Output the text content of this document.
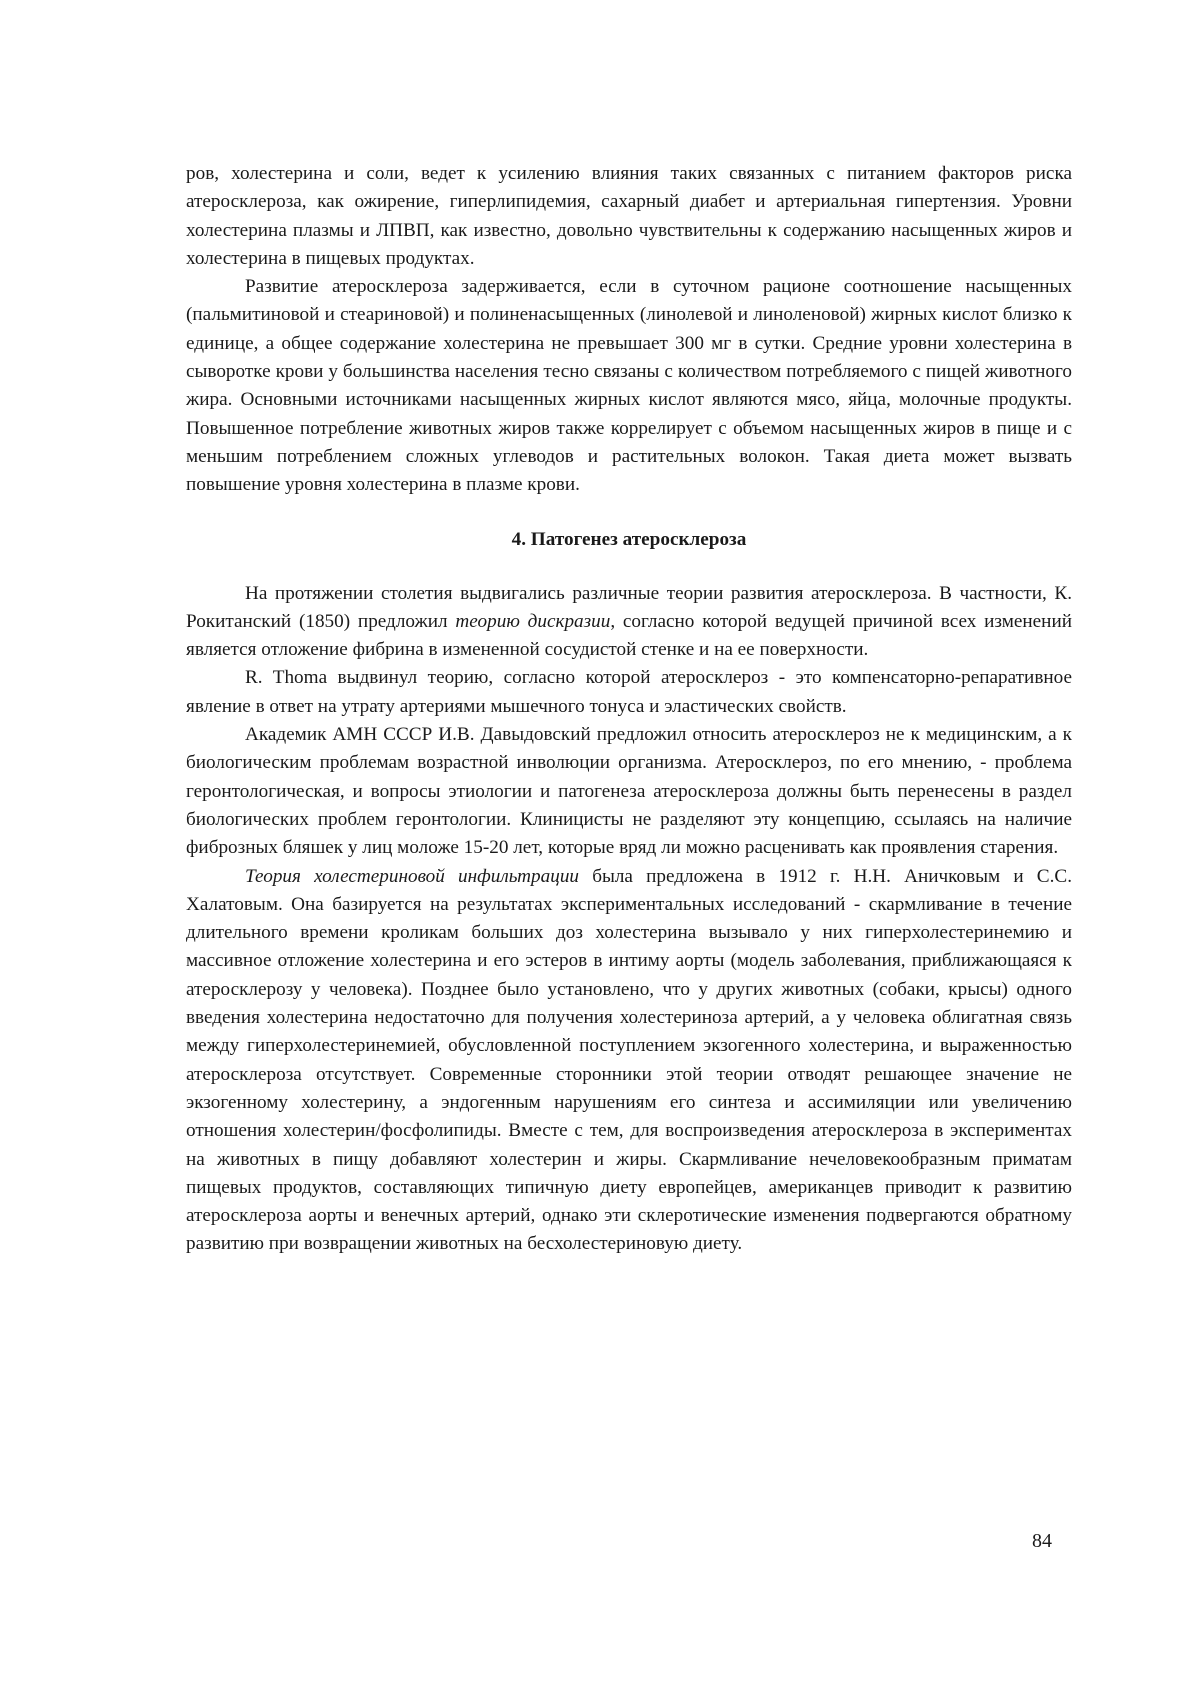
ров, холестерина и соли, ведет к усилению влияния таких связанных с питанием факторов риска атеросклероза, как ожирение, гиперлипидемия, сахарный диабет и артериальная гипертензия. Уровни холестерина плазмы и ЛПВП, как известно, довольно чувствительны к содержанию насыщенных жиров и холестерина в пищевых продуктах.

Развитие атеросклероза задерживается, если в суточном рационе соотношение насыщенных (пальмитиновой и стеариновой) и полиненасыщенных (линолевой и линоленовой) жирных кислот близко к единице, а общее содержание холестерина не превышает 300 мг в сутки. Средние уровни холестерина в сыворотке крови у большинства населения тесно связаны с количеством потребляемого с пищей животного жира. Основными источниками насыщенных жирных кислот являются мясо, яйца, молочные продукты. Повышенное потребление животных жиров также коррелирует с объемом насыщенных жиров в пище и с меньшим потреблением сложных углеводов и растительных волокон. Такая диета может вызвать повышение уровня холестерина в плазме крови.

4. Патогенез атеросклероза

На протяжении столетия выдвигались различные теории развития атеросклероза. В частности, К. Рокитанский (1850) предложил теорию дискразии, согласно которой ведущей причиной всех изменений является отложение фибрина в измененной сосудистой стенке и на ее поверхности.

R. Thoma выдвинул теорию, согласно которой атеросклероз - это компенсаторно-репаративное явление в ответ на утрату артериями мышечного тонуса и эластических свойств.

Академик АМН СССР И.В. Давыдовский предложил относить атеросклероз не к медицинским, а к биологическим проблемам возрастной инволюции организма. Атеросклероз, по его мнению, - проблема геронтологическая, и вопросы этиологии и патогенеза атеросклероза должны быть перенесены в раздел биологических проблем геронтологии. Клиницисты не разделяют эту концепцию, ссылаясь на наличие фиброзных бляшек у лиц моложе 15-20 лет, которые вряд ли можно расценивать как проявления старения.

Теория холестериновой инфильтрации была предложена в 1912 г. Н.Н. Аничковым и С.С. Халатовым. Она базируется на результатах экспериментальных исследований - скармливание в течение длительного времени кроликам больших доз холестерина вызывало у них гиперхолестеринемию и массивное отложение холестерина и его эстеров в интиму аорты (модель заболевания, приближающаяся к атеросклерозу у человека). Позднее было установлено, что у других животных (собаки, крысы) одного введения холестерина недостаточно для получения холестериноза артерий, а у человека облигатная связь между гиперхолестеринемией, обусловленной поступлением экзогенного холестерина, и выраженностью атеросклероза отсутствует. Современные сторонники этой теории отводят решающее значение не экзогенному холестерину, а эндогенным нарушениям его синтеза и ассимиляции или увеличению отношения холестерин/фосфолипиды. Вместе с тем, для воспроизведения атеросклероза в экспериментах на животных в пищу добавляют холестерин и жиры. Скармливание нечеловекообразным приматам пищевых продуктов, составляющих типичную диету европейцев, американцев приводит к развитию атеросклероза аорты и венечных артерий, однако эти склеротические изменения подвергаются обратному развитию при возвращении животных на бесхолестериновую диету.

84
